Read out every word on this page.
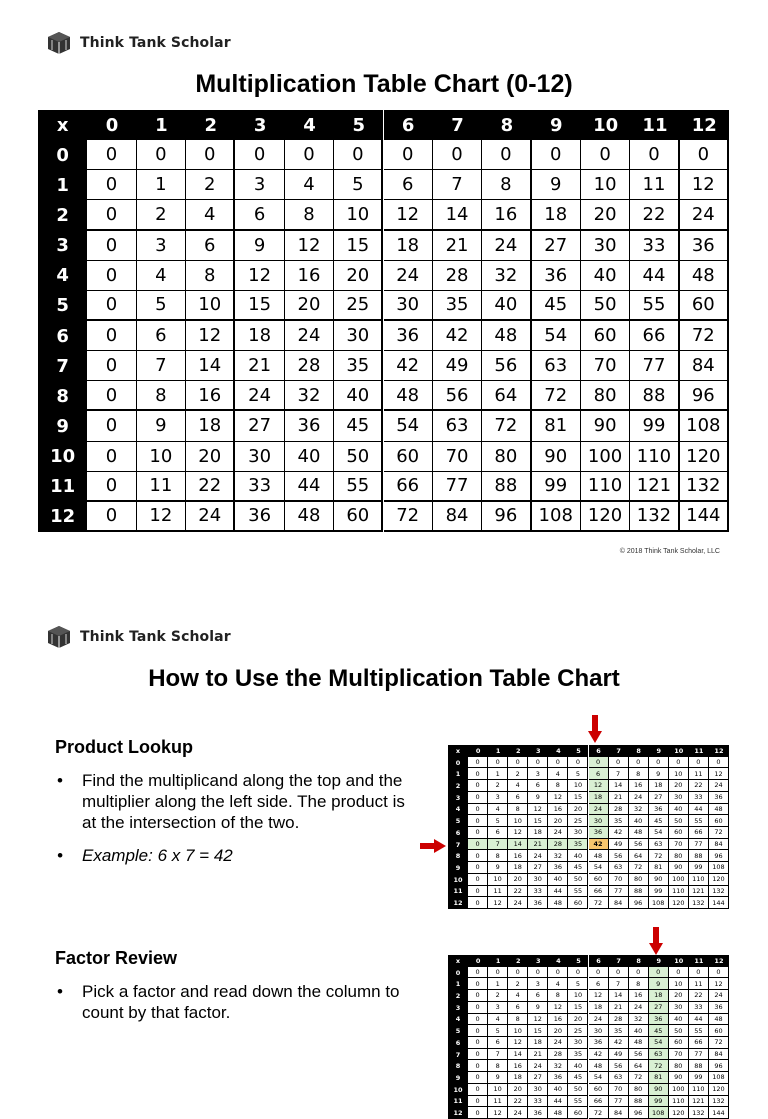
Think Tank Scholar
Multiplication Table Chart (0-12)
x	0	1	2	3	4	5	6	7	8	9	10	11	12
0	0	0	0	0	0	0	0	0	0	0	0	0	0
1	0	1	2	3	4	5	6	7	8	9	10	11	12
2	0	2	4	6	8	10	12	14	16	18	20	22	24
3	0	3	6	9	12	15	18	21	24	27	30	33	36
4	0	4	8	12	16	20	24	28	32	36	40	44	48
5	0	5	10	15	20	25	30	35	40	45	50	55	60
6	0	6	12	18	24	30	36	42	48	54	60	66	72
7	0	7	14	21	28	35	42	49	56	63	70	77	84
8	0	8	16	24	32	40	48	56	64	72	80	88	96
9	0	9	18	27	36	45	54	63	72	81	90	99	108
10	0	10	20	30	40	50	60	70	80	90	100 110 120
11	0	11	22	33	44	55	66	77	88	99	110 121 132
12	0	12	24	36	48	60	72	84	96	108 120 132 144
© 2018 Think Tank Scholar, LLC
Think Tank Scholar
How to Use the Multiplication Table Chart
Product Lookup
• Find the multiplicand along the top and the multiplier along the left side. The product is at the intersection of the two.
• Example: 6 x 7 = 42
Factor Review
• Pick a factor and read down the column to count by that factor.
x	0	1	2	3	4	5	6	7	8	9	10	11	12
0	0	0	0	0	0	0	0	0	0	0	0	0	0
1	0	1	2	3	4	5	6	7	8	9	10	11	12
2	0	2	4	6	8	10	12	14	16	18	20	22	24
3	0	3	6	9	12	15	18	21	24	27	30	33	36
4	0	4	8	12	16	20	24	28	32	36	40	44	48
5	0	5	10	15	20	25	30	35	40	45	50	55	60
6	0	6	12	18	24	30	36	42	48	54	60	66	72
7	0	7	14	21	28	35	42	49	56	63	70	77	84
8	0	8	16	24	32	40	48	56	64	72	80	88	96
9	0	9	18	27	36	45	54	63	72	81	90	99	108
10	0	10	20	30	40	50	60	70	80	90	100	110	120
11	0	11	22	33	44	55	66	77	88	99	110	121	132
12	0	12	24	36	48	60	72	84	96	108	120	132	144
x	0	1	2	3	4	5	6	7	8	9	10	11	12
0	0	0	0	0	0	0	0	0	0	0	0	0	0
1	0	1	2	3	4	5	6	7	8	9	10	11	12
2	0	2	4	6	8	10	12	14	16	18	20	22	24
3	0	3	6	9	12	15	18	21	24	27	30	33	36
4	0	4	8	12	16	20	24	28	32	36	40	44	48
5	0	5	10	15	20	25	30	35	40	45	50	55	60
6	0	6	12	18	24	30	36	42	48	54	60	66	72
7	0	7	14	21	28	35	42	49	56	63	70	77	84
8	0	8	16	24	32	40	48	56	64	72	80	88	96
9	0	9	18	27	36	45	54	63	72	81	90	99	108
10	0	10	20	30	40	50	60	70	80	90	100	110	120
11	0	11	22	33	44	55	66	77	88	99	110	121	132
12	0	12	24	36	48	60	72	84	96	108	120	132	144
